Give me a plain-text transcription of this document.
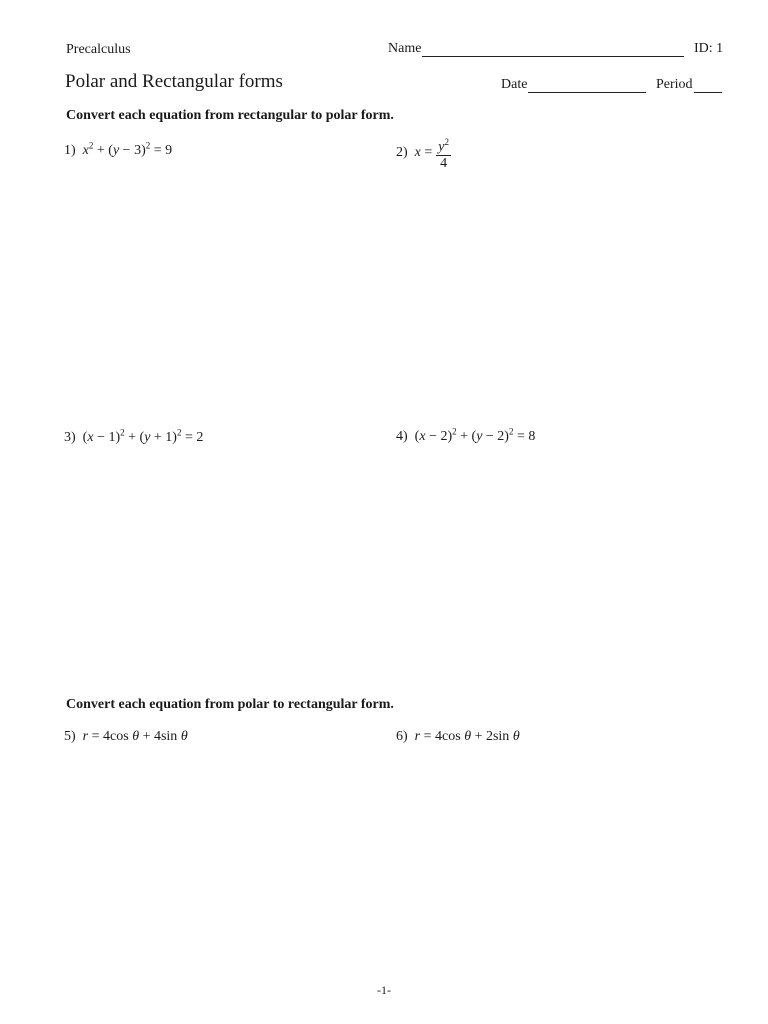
Precalculus	Name	ID: 1
Polar and Rectangular forms	Date	Period
Convert each equation from rectangular to polar form.
1) $x^2 + (y - 3)^2 = 9$	2) $x = \frac{y^2}{4}$
3) $(x - 1)^2 + (y + 1)^2 = 2$	4) $(x - 2)^2 + (y - 2)^2 = 8$
Convert each equation from polar to rectangular form.
5) r = 4cos θ + 4sin θ	6) r = 4cos θ + 2sin θ
-1-
